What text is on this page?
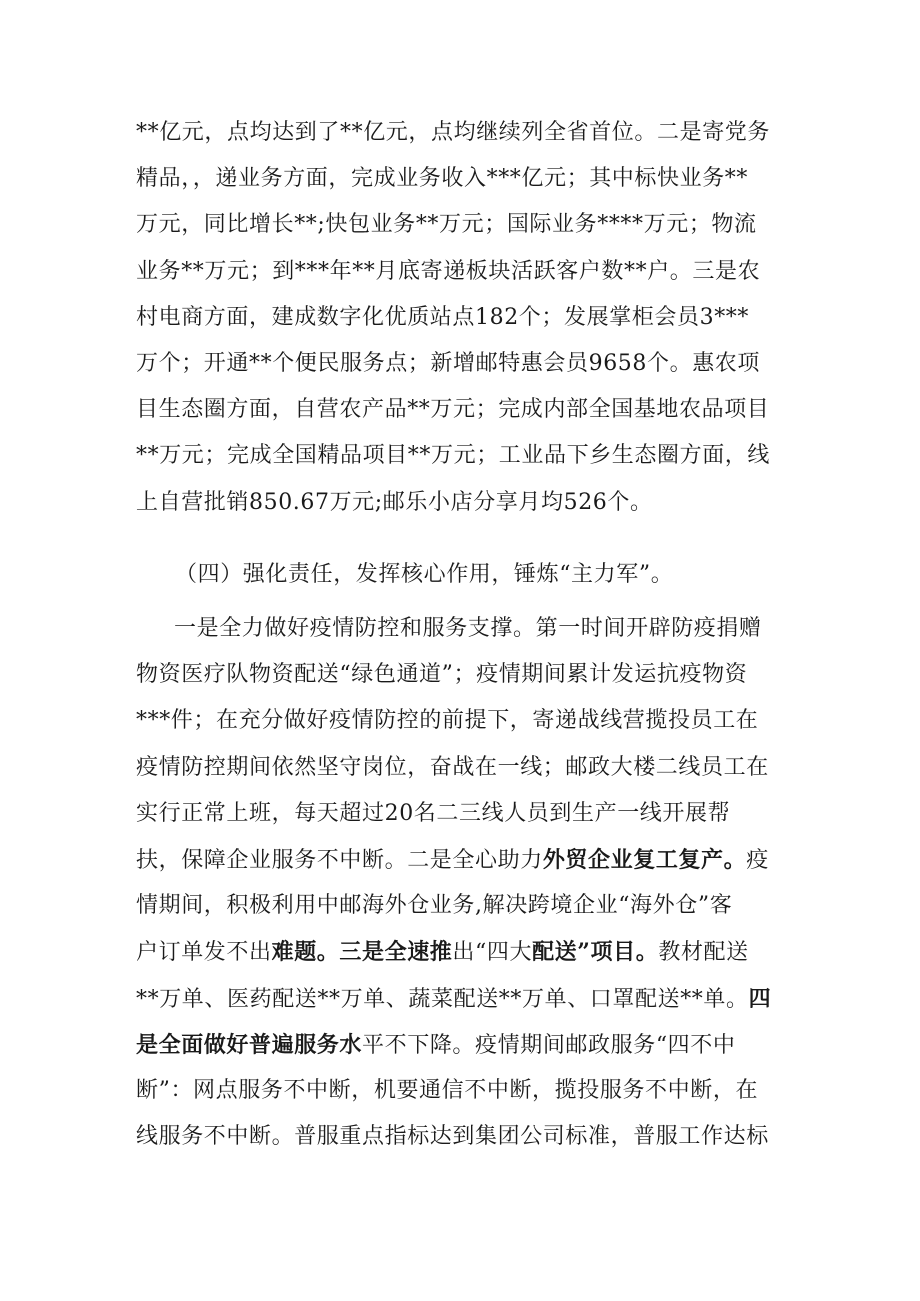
**亿元，点均达到了**亿元，点均继续列全省首位。二是寄党务
精品，，递业务方面，完成业务收入***亿元；其中标快业务**
万元，同比增长**;快包业务**万元；国际业务****万元；物流
业务**万元；到***年**月底寄递板块活跃客户数**户。三是农
村电商方面，建成数字化优质站点182个；发展掌柜会员3***
万个；开通**个便民服务点；新增邮特惠会员9658个。惠农项
目生态圈方面，自营农产品**万元；完成内部全国基地农品项目
**万元；完成全国精品项目**万元；工业品下乡生态圈方面，线
上自营批销850.67万元;邮乐小店分享月均526个。
（四）强化责任，发挥核心作用，锤炼“主力军”。
一是全力做好疫情防控和服务支撑。第一时间开辟防疫捐赠
物资医疗队物资配送“绿色通道”；疫情期间累计发运抗疫物资
***件；在充分做好疫情防控的前提下，寄递战线营揽投员工在
疫情防控期间依然坚守岗位，奋战在一线；邮政大楼二线员工在
实行正常上班，每天超过20名二三线人员到生产一线开展帮
扶，保障企业服务不中断。二是全心助力外贸企业复工复产。疫
情期间，积极利用中邮海外仓业务,解决跨境企业“海外仓”客
户订单发不出难题。三是全速推出“四大配送”项目。教材配送
**万单、医药配送**万单、蔬菜配送**万单、口罩配送**单。四
是全面做好普遍服务水平不下降。疫情期间邮政服务“四不中
断”：网点服务不中断，机要通信不中断，揽投服务不中断，在
线服务不中断。普服重点指标达到集团公司标准，普服工作达标
